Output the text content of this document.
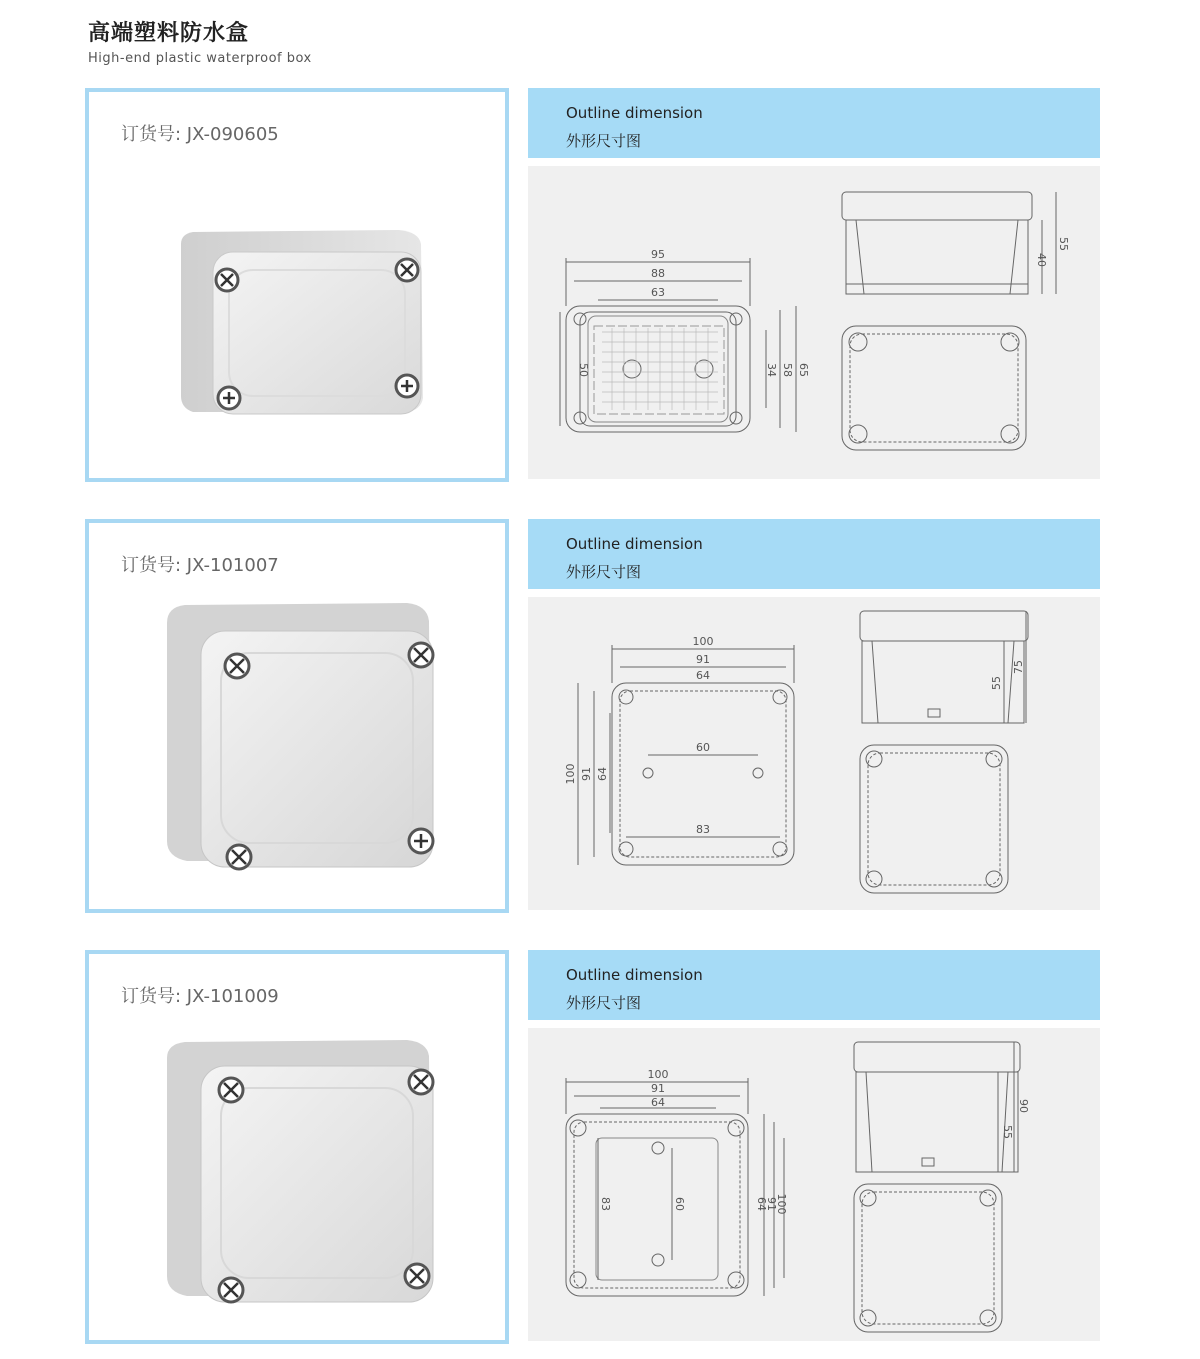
高端塑料防水盒
High-end plastic waterproof box
订货号: JX-090605
Outline dimension
外形尺寸图
95
88
63
50	34 58 65
55
40
订货号: JX-101007
Outline dimension
外形尺寸图
100
91
64
60
83
100 91 64
55
75
订货号: JX-101009
Outline dimension
外形尺寸图
100
91
64
83	60	100
91
64
90
55
